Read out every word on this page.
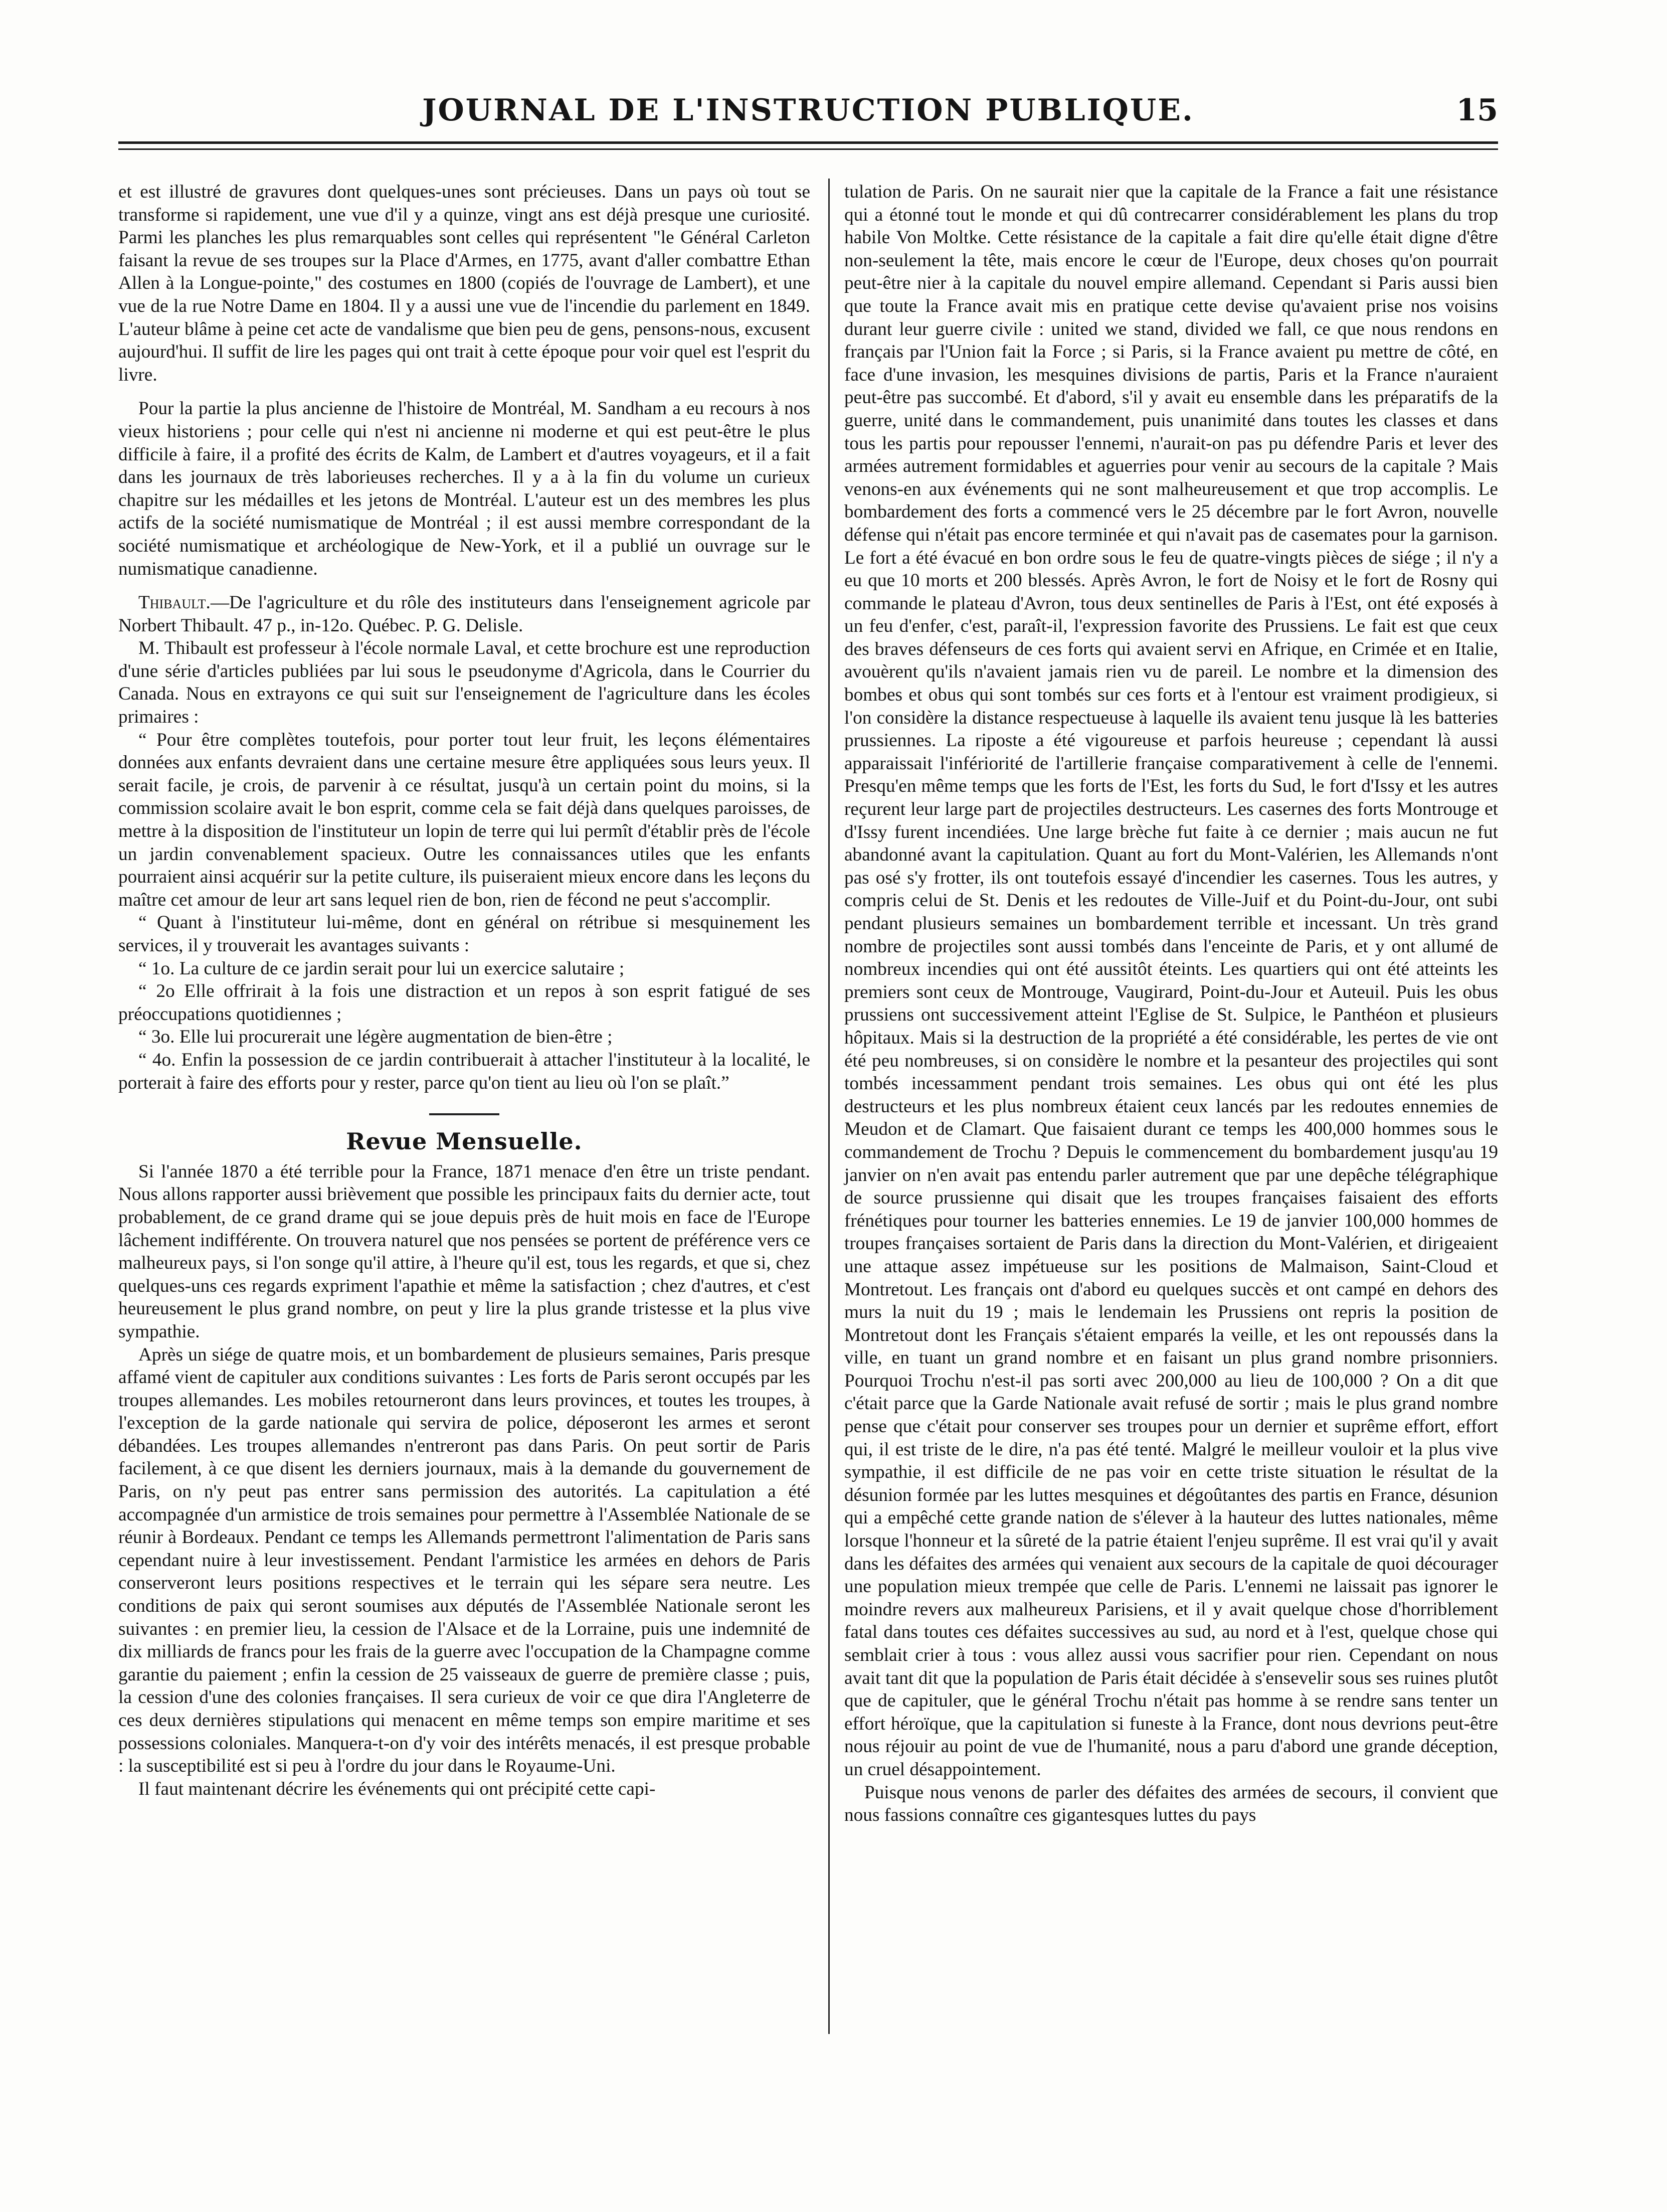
JOURNAL DE L'INSTRUCTION PUBLIQUE.	15

et est illustré de gravures dont quelques-unes sont précieuses. Dans un pays où tout se transforme si rapidement, une vue d'il y a quinze, vingt ans est déjà presque une curiosité. Parmi les planches les plus remarquables sont celles qui représentent "le Général Carleton faisant la revue de ses troupes sur la Place d'Armes, en 1775, avant d'aller combattre Ethan Allen à la Longue-pointe," des costumes en 1800 (copiés de l'ouvrage de Lambert), et une vue de la rue Notre Dame en 1804. Il y a aussi une vue de l'incendie du parlement en 1849. L'auteur blâme à peine cet acte de vandalisme que bien peu de gens, pensons-nous, excusent aujourd'hui. Il suffit de lire les pages qui ont trait à cette époque pour voir quel est l'esprit du livre.

Pour la partie la plus ancienne de l'histoire de Montréal, M. Sandham a eu recours à nos vieux historiens ; pour celle qui n'est ni ancienne ni moderne et qui est peut-être le plus difficile à faire, il a profité des écrits de Kalm, de Lambert et d'autres voyageurs, et il a fait dans les journaux de très laborieuses recherches. Il y a à la fin du volume un curieux chapitre sur les médailles et les jetons de Montréal. L'auteur est un des membres les plus actifs de la société numismatique de Montréal ; il est aussi membre correspondant de la société numismatique et archéologique de New-York, et il a publié un ouvrage sur le numismatique canadienne.

Thibault.—De l'agriculture et du rôle des instituteurs dans l'enseignement agricole par Norbert Thibault. 47 p., in-12o. Québec. P. G. Delisle.

M. Thibault est professeur à l'école normale Laval, et cette brochure est une reproduction d'une série d'articles publiées par lui sous le pseudonyme d'Agricola, dans le Courrier du Canada. Nous en extrayons ce qui suit sur l'enseignement de l'agriculture dans les écoles primaires :

“ Pour être complètes toutefois, pour porter tout leur fruit, les leçons élémentaires données aux enfants devraient dans une certaine mesure être appliquées sous leurs yeux. Il serait facile, je crois, de parvenir à ce résultat, jusqu'à un certain point du moins, si la commission scolaire avait le bon esprit, comme cela se fait déjà dans quelques paroisses, de mettre à la disposition de l'instituteur un lopin de terre qui lui permît d'établir près de l'école un jardin convenablement spacieux. Outre les connaissances utiles que les enfants pourraient ainsi acquérir sur la petite culture, ils puiseraient mieux encore dans les leçons du maître cet amour de leur art sans lequel rien de bon, rien de fécond ne peut s'accomplir.

“ Quant à l'instituteur lui-même, dont en général on rétribue si mesquinement les services, il y trouverait les avantages suivants :

“ 1o. La culture de ce jardin serait pour lui un exercice salutaire ;

“ 2o Elle offrirait à la fois une distraction et un repos à son esprit fatigué de ses préoccupations quotidiennes ;

“ 3o. Elle lui procurerait une légère augmentation de bien-être ;

“ 4o. Enfin la possession de ce jardin contribuerait à attacher l'instituteur à la localité, le porterait à faire des efforts pour y rester, parce qu'on tient au lieu où l'on se plaît.”

Revue Mensuelle.

Si l'année 1870 a été terrible pour la France, 1871 menace d'en être un triste pendant. Nous allons rapporter aussi brièvement que possible les principaux faits du dernier acte, tout probablement, de ce grand drame qui se joue depuis près de huit mois en face de l'Europe lâchement indifférente. On trouvera naturel que nos pensées se portent de préférence vers ce malheureux pays, si l'on songe qu'il attire, à l'heure qu'il est, tous les regards, et que si, chez quelques-uns ces regards expriment l'apathie et même la satisfaction ; chez d'autres, et c'est heureusement le plus grand nombre, on peut y lire la plus grande tristesse et la plus vive sympathie.

Après un siége de quatre mois, et un bombardement de plusieurs semaines, Paris presque affamé vient de capituler aux conditions suivantes : Les forts de Paris seront occupés par les troupes allemandes. Les mobiles retourneront dans leurs provinces, et toutes les troupes, à l'exception de la garde nationale qui servira de police, déposeront les armes et seront débandées. Les troupes allemandes n'entreront pas dans Paris. On peut sortir de Paris facilement, à ce que disent les derniers journaux, mais à la demande du gouvernement de Paris, on n'y peut pas entrer sans permission des autorités. La capitulation a été accompagnée d'un armistice de trois semaines pour permettre à l'Assemblée Nationale de se réunir à Bordeaux. Pendant ce temps les Allemands permettront l'alimentation de Paris sans cependant nuire à leur investissement. Pendant l'armistice les armées en dehors de Paris conserveront leurs positions respectives et le terrain qui les sépare sera neutre. Les conditions de paix qui seront soumises aux députés de l'Assemblée Nationale seront les suivantes : en premier lieu, la cession de l'Alsace et de la Lorraine, puis une indemnité de dix milliards de francs pour les frais de la guerre avec l'occupation de la Champagne comme garantie du paiement ; enfin la cession de 25 vaisseaux de guerre de première classe ; puis, la cession d'une des colonies françaises. Il sera curieux de voir ce que dira l'Angleterre de ces deux dernières stipulations qui menacent en même temps son empire maritime et ses possessions coloniales. Manquera-t-on d'y voir des intérêts menacés, il est presque probable : la susceptibilité est si peu à l'ordre du jour dans le Royaume-Uni.

Il faut maintenant décrire les événements qui ont précipité cette capi-

tulation de Paris. On ne saurait nier que la capitale de la France a fait une résistance qui a étonné tout le monde et qui dû contrecarrer considérablement les plans du trop habile Von Moltke. Cette résistance de la capitale a fait dire qu'elle était digne d'être non-seulement la tête, mais encore le cœur de l'Europe, deux choses qu'on pourrait peut-être nier à la capitale du nouvel empire allemand. Cependant si Paris aussi bien que toute la France avait mis en pratique cette devise qu'avaient prise nos voisins durant leur guerre civile : united we stand, divided we fall, ce que nous rendons en français par l'Union fait la Force ; si Paris, si la France avaient pu mettre de côté, en face d'une invasion, les mesquines divisions de partis, Paris et la France n'auraient peut-être pas succombé. Et d'abord, s'il y avait eu ensemble dans les préparatifs de la guerre, unité dans le commandement, puis unanimité dans toutes les classes et dans tous les partis pour repousser l'ennemi, n'aurait-on pas pu défendre Paris et lever des armées autrement formidables et aguerries pour venir au secours de la capitale ? Mais venons-en aux événements qui ne sont malheureusement et que trop accomplis. Le bombardement des forts a commencé vers le 25 décembre par le fort Avron, nouvelle défense qui n'était pas encore terminée et qui n'avait pas de casemates pour la garnison. Le fort a été évacué en bon ordre sous le feu de quatre-vingts pièces de siége ; il n'y a eu que 10 morts et 200 blessés. Après Avron, le fort de Noisy et le fort de Rosny qui commande le plateau d'Avron, tous deux sentinelles de Paris à l'Est, ont été exposés à un feu d'enfer, c'est, paraît-il, l'expression favorite des Prussiens. Le fait est que ceux des braves défenseurs de ces forts qui avaient servi en Afrique, en Crimée et en Italie, avouèrent qu'ils n'avaient jamais rien vu de pareil. Le nombre et la dimension des bombes et obus qui sont tombés sur ces forts et à l'entour est vraiment prodigieux, si l'on considère la distance respectueuse à laquelle ils avaient tenu jusque là les batteries prussiennes. La riposte a été vigoureuse et parfois heureuse ; cependant là aussi apparaissait l'infériorité de l'artillerie française comparativement à celle de l'ennemi. Presqu'en même temps que les forts de l'Est, les forts du Sud, le fort d'Issy et les autres reçurent leur large part de projectiles destructeurs. Les casernes des forts Montrouge et d'Issy furent incendiées. Une large brèche fut faite à ce dernier ; mais aucun ne fut abandonné avant la capitulation. Quant au fort du Mont-Valérien, les Allemands n'ont pas osé s'y frotter, ils ont toutefois essayé d'incendier les casernes. Tous les autres, y compris celui de St. Denis et les redoutes de Ville-Juif et du Point-du-Jour, ont subi pendant plusieurs semaines un bombardement terrible et incessant. Un très grand nombre de projectiles sont aussi tombés dans l'enceinte de Paris, et y ont allumé de nombreux incendies qui ont été aussitôt éteints. Les quartiers qui ont été atteints les premiers sont ceux de Montrouge, Vaugirard, Point-du-Jour et Auteuil. Puis les obus prussiens ont successivement atteint l'Eglise de St. Sulpice, le Panthéon et plusieurs hôpitaux. Mais si la destruction de la propriété a été considérable, les pertes de vie ont été peu nombreuses, si on considère le nombre et la pesanteur des projectiles qui sont tombés incessamment pendant trois semaines. Les obus qui ont été les plus destructeurs et les plus nombreux étaient ceux lancés par les redoutes ennemies de Meudon et de Clamart. Que faisaient durant ce temps les 400,000 hommes sous le commandement de Trochu ? Depuis le commencement du bombardement jusqu'au 19 janvier on n'en avait pas entendu parler autrement que par une depêche télégraphique de source prussienne qui disait que les troupes françaises faisaient des efforts frénétiques pour tourner les batteries ennemies. Le 19 de janvier 100,000 hommes de troupes françaises sortaient de Paris dans la direction du Mont-Valérien, et dirigeaient une attaque assez impétueuse sur les positions de Malmaison, Saint-Cloud et Montretout. Les français ont d'abord eu quelques succès et ont campé en dehors des murs la nuit du 19 ; mais le lendemain les Prussiens ont repris la position de Montretout dont les Français s'étaient emparés la veille, et les ont repoussés dans la ville, en tuant un grand nombre et en faisant un plus grand nombre prisonniers. Pourquoi Trochu n'est-il pas sorti avec 200,000 au lieu de 100,000 ? On a dit que c'était parce que la Garde Nationale avait refusé de sortir ; mais le plus grand nombre pense que c'était pour conserver ses troupes pour un dernier et suprême effort, effort qui, il est triste de le dire, n'a pas été tenté. Malgré le meilleur vouloir et la plus vive sympathie, il est difficile de ne pas voir en cette triste situation le résultat de la désunion formée par les luttes mesquines et dégoûtantes des partis en France, désunion qui a empêché cette grande nation de s'élever à la hauteur des luttes nationales, même lorsque l'honneur et la sûreté de la patrie étaient l'enjeu suprême. Il est vrai qu'il y avait dans les défaites des armées qui venaient aux secours de la capitale de quoi décourager une population mieux trempée que celle de Paris. L'ennemi ne laissait pas ignorer le moindre revers aux malheureux Parisiens, et il y avait quelque chose d'horriblement fatal dans toutes ces défaites successives au sud, au nord et à l'est, quelque chose qui semblait crier à tous : vous allez aussi vous sacrifier pour rien. Cependant on nous avait tant dit que la population de Paris était décidée à s'ensevelir sous ses ruines plutôt que de capituler, que le général Trochu n'était pas homme à se rendre sans tenter un effort héroïque, que la capitulation si funeste à la France, dont nous devrions peut-être nous réjouir au point de vue de l'humanité, nous a paru d'abord une grande déception, un cruel désappointement.

Puisque nous venons de parler des défaites des armées de secours, il convient que nous fassions connaître ces gigantesques luttes du pays
